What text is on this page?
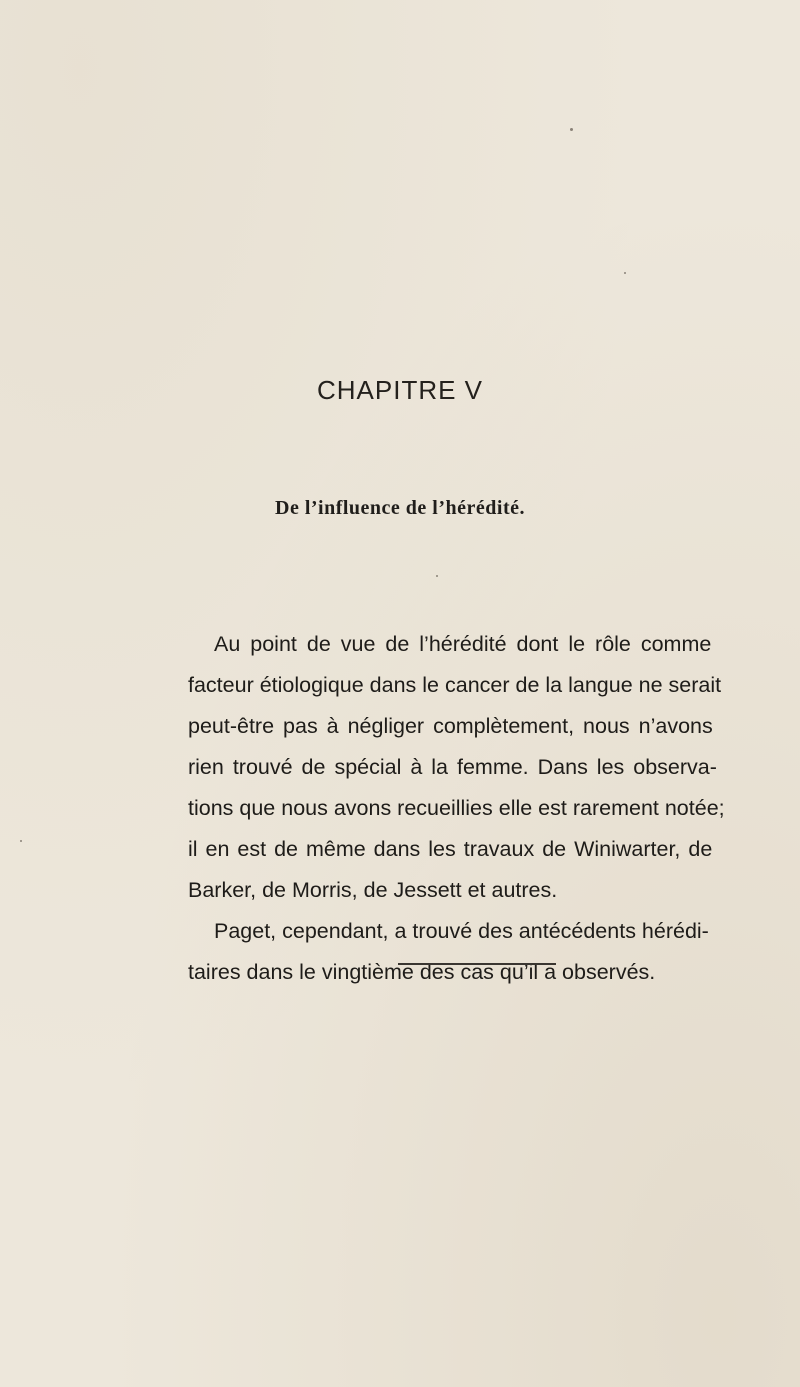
CHAPITRE V
De l’influence de l’hérédité.
Au point de vue de l’hérédité dont le rôle comme
facteur étiologique dans le cancer de la langue ne serait
peut-être pas à négliger complètement, nous n’avons
rien trouvé de spécial à la femme. Dans les observa-
tions que nous avons recueillies elle est rarement notée;
il en est de même dans les travaux de Winiwarter, de
Barker, de Morris, de Jessett et autres.
Paget, cependant, a trouvé des antécédents hérédi-
taires dans le vingtième des cas qu’il a observés.
